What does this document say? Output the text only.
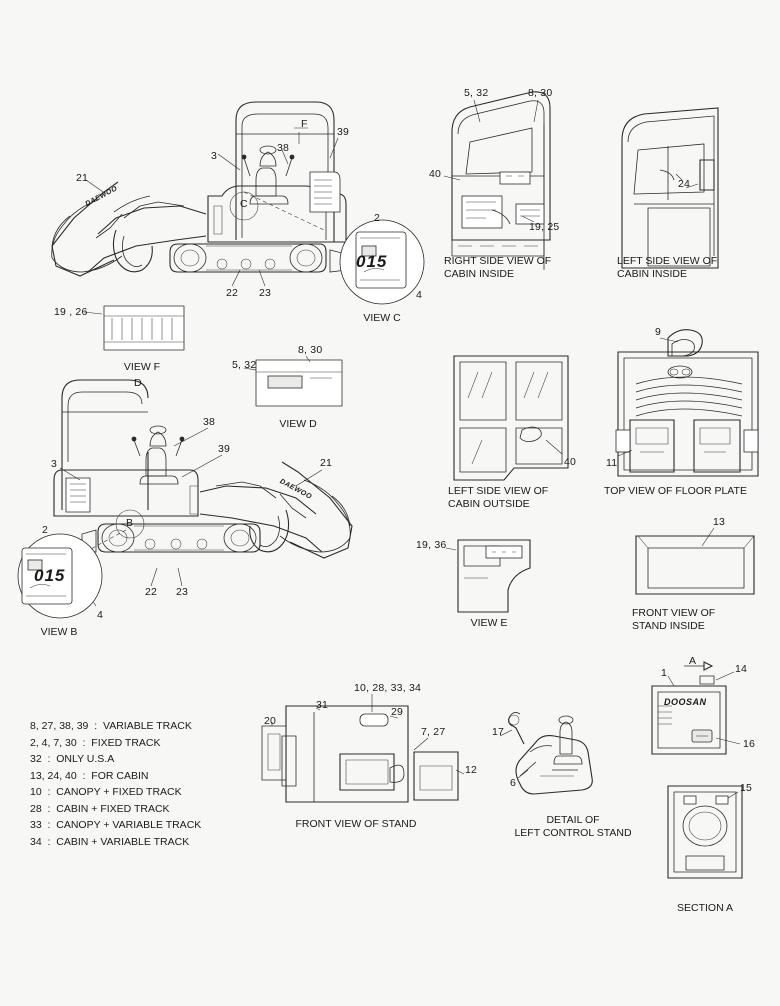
015
015
DAEWOO
DAEWOO
DOOSAN
21
3
38
F
39
C
2
4
22 23
19 , 26
5, 32
8, 30
D
38
39
3	21
B
2
4
22 23
5, 32	8, 30
40
19, 25
24
40
9
11
19, 36
13
20
31
10, 28, 33, 34
29
7, 27
12
17
6
1
A
14
16
15
VIEW C
VIEW F
VIEW D
VIEW B
VIEW E
RIGHT SIDE VIEW OF
CABIN INSIDE
LEFT SIDE VIEW OF
CABIN INSIDE
LEFT SIDE VIEW OF
CABIN OUTSIDE
TOP VIEW OF FLOOR PLATE
FRONT VIEW OF
STAND INSIDE
FRONT VIEW OF STAND	DETAIL OF
LEFT CONTROL STAND
SECTION A
8, 27, 38, 39  :  VARIABLE TRACK
2, 4, 7, 30  :  FIXED TRACK
32  :  ONLY U.S.A
13, 24, 40  :  FOR CABIN
10  :  CANOPY + FIXED TRACK
28  :  CABIN + FIXED TRACK
33  :  CANOPY + VARIABLE TRACK
34  :  CABIN + VARIABLE TRACK
